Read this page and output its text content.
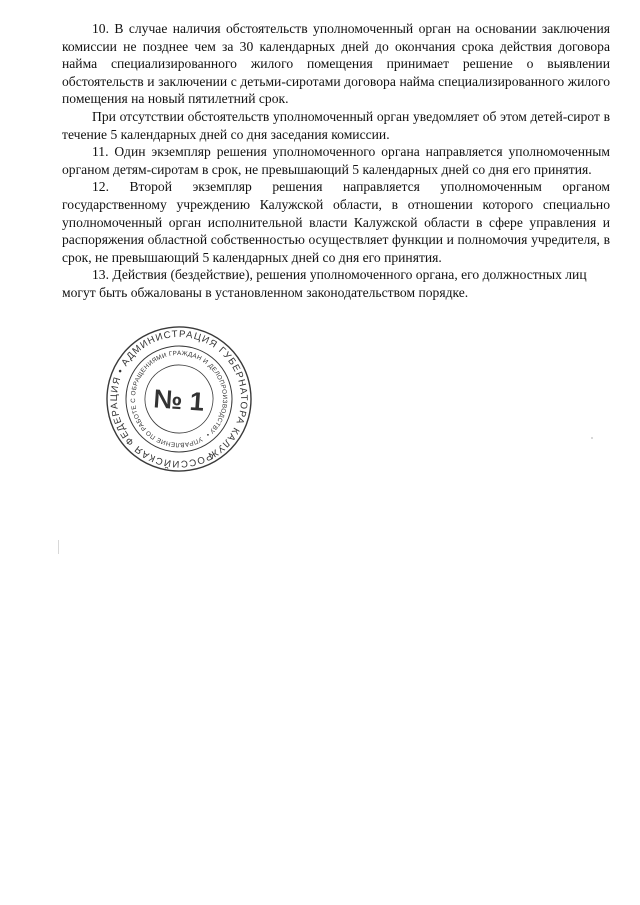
10. В случае наличия обстоятельств уполномоченный орган на основании заключения комиссии не позднее чем за 30 календарных дней до окончания срока действия договора найма специализированного жилого помещения принимает решение о выявлении обстоятельств и заключении с детьми-сиротами договора найма специализированного жилого помещения на новый пятилетний срок.

При отсутствии обстоятельств уполномоченный орган уведомляет об этом детей-сирот в течение 5 календарных дней со дня заседания комиссии.

11. Один экземпляр решения уполномоченного органа направляется уполномоченным органом детям-сиротам в срок, не превышающий 5 календарных дней со дня его принятия.

12. Второй экземпляр решения направляется уполномоченным органом государственному учреждению Калужской области, в отношении которого специально уполномоченный орган исполнительной власти Калужской области в сфере управления и распоряжения областной собственностью осуществляет функции и полномочия учредителя, в срок, не превышающий 5 календарных дней со дня его принятия.

13. Действия (бездействие), решения уполномоченного органа, его должностных лиц могут быть обжалованы в установленном законодательством порядке.

РОССИЙСКАЯ ФЕДЕРАЦИЯ • АДМИНИСТРАЦИЯ ГУБЕРНАТОРА КАЛУЖСКОЙ
УПРАВЛЕНИЕ ПО РАБОТЕ С ОБРАЩЕНИЯМИ ГРАЖДАН И ДЕЛОПРОИЗВОДСТВУ •
№ 1
